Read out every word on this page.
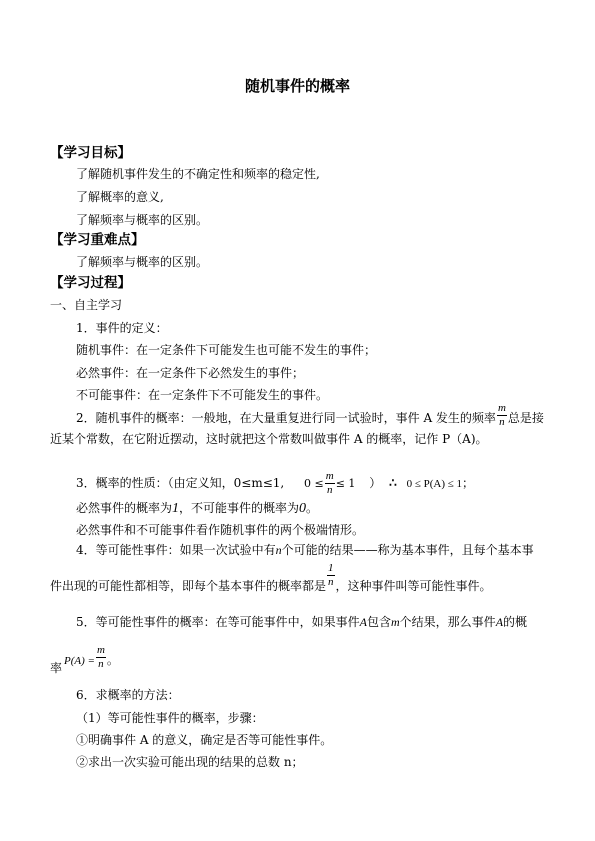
随机事件的概率
【学习目标】
了解随机事件发生的不确定性和频率的稳定性,
了解概率的意义,
了解频率与概率的区别。
【学习重难点】
了解频率与概率的区别。
【学习过程】
一、自主学习
1．事件的定义：
随机事件：在一定条件下可能发生也可能不发生的事件；
必然事件：在一定条件下必然发生的事件；
不可能事件：在一定条件下不可能发生的事件。
2．随机事件的概率：一般地，在大量重复进行同一试验时，事件 A 发生的频率 $\frac{m}{n}$ 总是接
近某个常数，在它附近摆动，这时就把这个常数叫做事件 A 的概率，记作 P（A)。
3．概率的性质：（由定义知，0≤m≤1, $0 \le \frac{m}{n} \le 1$ ） ∴ 0 ≤ P(A) ≤ 1；
必然事件的概率为1，不可能事件的概率为0。
必然事件和不可能事件看作随机事件的两个极端情形。
4．等可能性事件：如果一次试验中有n个可能的结果——称为基本事件，且每个基本事
件出现的可能性都相等，即每个基本事件的概率都是 $\frac{1}{n}$ ，这种事件叫等可能性事件。
5．等可能性事件的概率：在等可能事件中，如果事件A包含m个结果，那么事件A的概
率 $P(A) = \frac{m}{n}$ 。
6．求概率的方法：
（1）等可能性事件的概率，步骤：
①明确事件 A 的意义，确定是否等可能性事件。
②求出一次实验可能出现的结果的总数 n；
